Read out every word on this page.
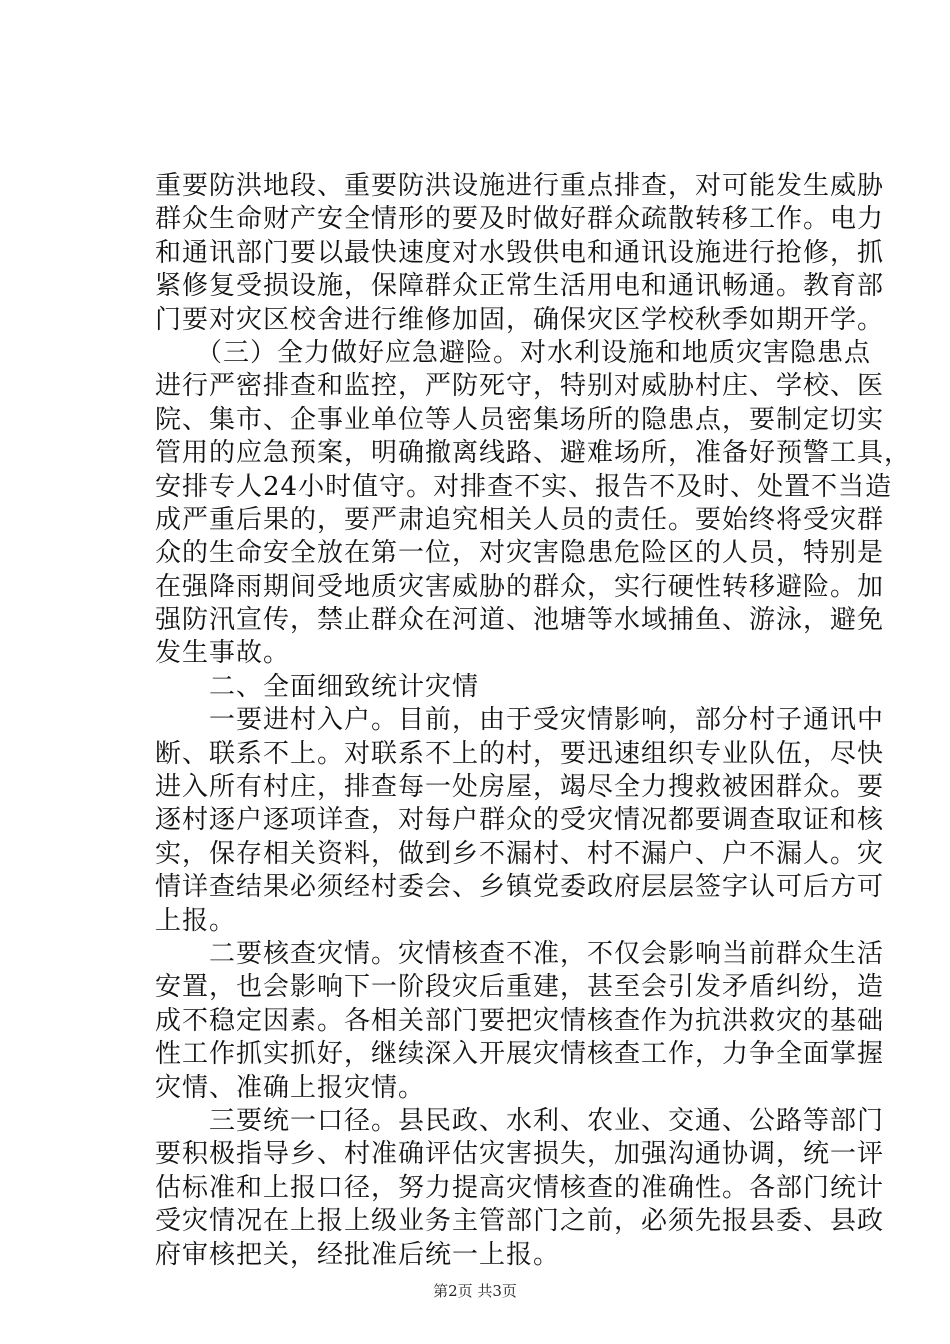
重要防洪地段、重要防洪设施进行重点排查，对可能发生威胁
群众生命财产安全情形的要及时做好群众疏散转移工作。电力
和通讯部门要以最快速度对水毁供电和通讯设施进行抢修，抓
紧修复受损设施，保障群众正常生活用电和通讯畅通。教育部
门要对灾区校舍进行维修加固，确保灾区学校秋季如期开学。
　　（三）全力做好应急避险。对水利设施和地质灾害隐患点
进行严密排查和监控，严防死守，特别对威胁村庄、学校、医
院、集市、企事业单位等人员密集场所的隐患点，要制定切实
管用的应急预案，明确撤离线路、避难场所，准备好预警工具，
安排专人24小时值守。对排查不实、报告不及时、处置不当造
成严重后果的，要严肃追究相关人员的责任。要始终将受灾群
众的生命安全放在第一位，对灾害隐患危险区的人员，特别是
在强降雨期间受地质灾害威胁的群众，实行硬性转移避险。加
强防汛宣传，禁止群众在河道、池塘等水域捕鱼、游泳，避免
发生事故。
　　二、全面细致统计灾情
　　一要进村入户。目前，由于受灾情影响，部分村子通讯中
断、联系不上。对联系不上的村，要迅速组织专业队伍，尽快
进入所有村庄，排查每一处房屋，竭尽全力搜救被困群众。要
逐村逐户逐项详查，对每户群众的受灾情况都要调查取证和核
实，保存相关资料，做到乡不漏村、村不漏户、户不漏人。灾
情详查结果必须经村委会、乡镇党委政府层层签字认可后方可
上报。
　　二要核查灾情。灾情核查不准，不仅会影响当前群众生活
安置，也会影响下一阶段灾后重建，甚至会引发矛盾纠纷，造
成不稳定因素。各相关部门要把灾情核查作为抗洪救灾的基础
性工作抓实抓好，继续深入开展灾情核查工作，力争全面掌握
灾情、准确上报灾情。
　　三要统一口径。县民政、水利、农业、交通、公路等部门
要积极指导乡、村准确评估灾害损失，加强沟通协调，统一评
估标准和上报口径，努力提高灾情核查的准确性。各部门统计
受灾情况在上报上级业务主管部门之前，必须先报县委、县政
府审核把关，经批准后统一上报。
第2页 共3页
